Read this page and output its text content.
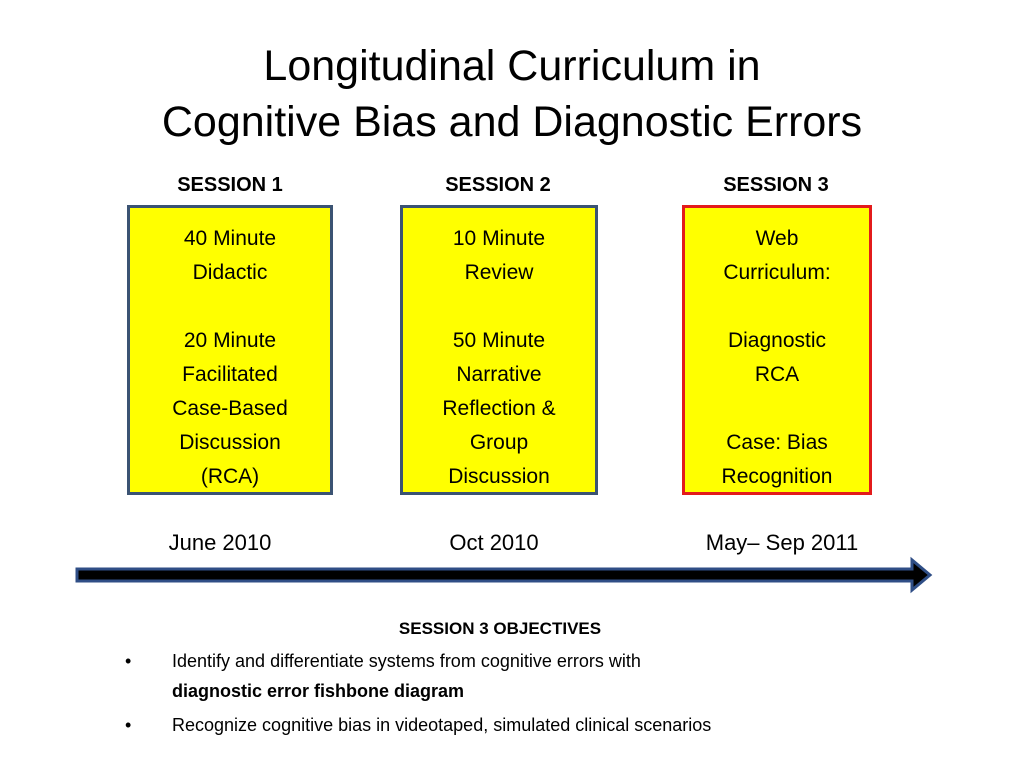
Longitudinal Curriculum in
Cognitive Bias and Diagnostic Errors
SESSION 1
40 Minute
Didactic
20 Minute
Facilitated
Case-Based
Discussion
(RCA)
June 2010
SESSION 2
10 Minute
Review
50 Minute
Narrative
Reflection &
Group
Discussion
Oct 2010
SESSION 3
Web
Curriculum:
Diagnostic
RCA
Case: Bias
Recognition
May– Sep 2011
SESSION 3 OBJECTIVES
• Identify and differentiate systems from cognitive errors with
diagnostic error fishbone diagram
• Recognize cognitive bias in videotaped, simulated clinical scenarios
